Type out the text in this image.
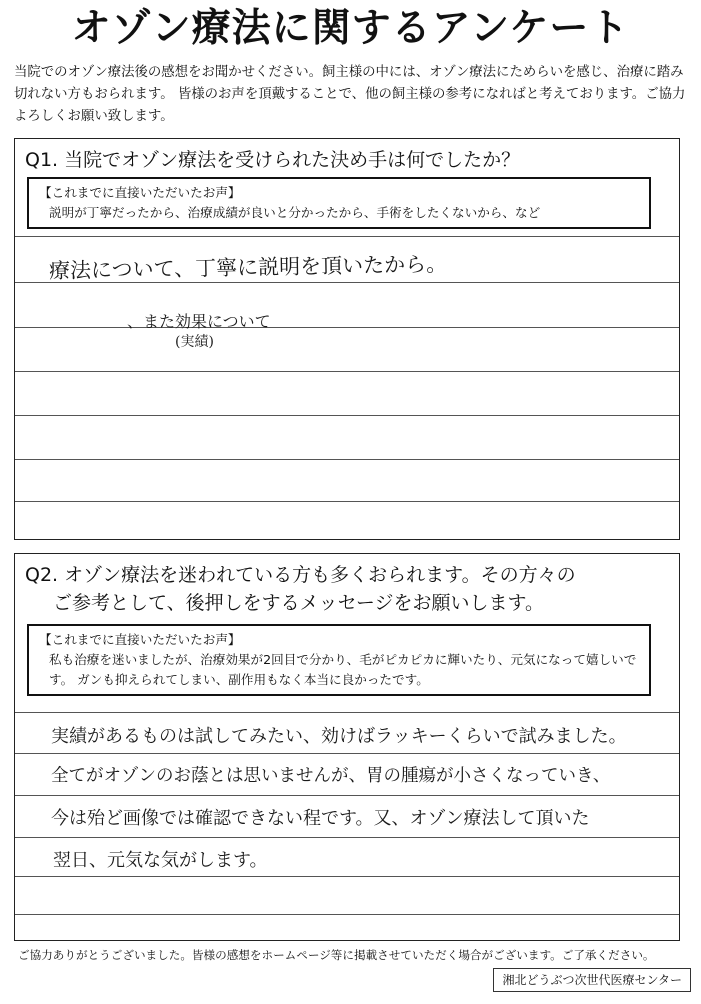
オゾン療法に関するアンケート
当院でのオゾン療法後の感想をお聞かせください。飼主様の中には、オゾン療法にためらいを感じ、治療に踏み切れない方もおられます。 皆様のお声を頂戴することで、他の飼主様の参考になればと考えております。ご協力よろしくお願い致します。
Q1. 当院でオゾン療法を受けられた決め手は何でしたか？
【これまでに直接いただいたお声】
説明が丁寧だったから、治療成績が良いと分かったから、手術をしたくないから、など
療法について、丁寧に説明を頂いたから。
、また効果について
(実績)
Q2. オゾン療法を迷われている方も多くおられます。その方々の
ご参考として、後押しをするメッセージをお願いします。
【これまでに直接いただいたお声】
私も治療を迷いましたが、治療効果が2回目で分かり、毛がピカピカに輝いたり、元気になって嬉しいです。 ガンも抑えられてしまい、副作用もなく本当に良かったです。
実績があるものは試してみたい、効けばラッキーくらいで試みました。
全てがオゾンのお蔭とは思いませんが、胃の腫瘍が小さくなっていき、
今は殆ど画像では確認できない程です。又、オゾン療法して頂いた
翌日、元気な気がします。
ご協力ありがとうございました。皆様の感想をホームページ等に掲載させていただく場合がございます。ご了承ください。
湘北どうぶつ次世代医療センター
